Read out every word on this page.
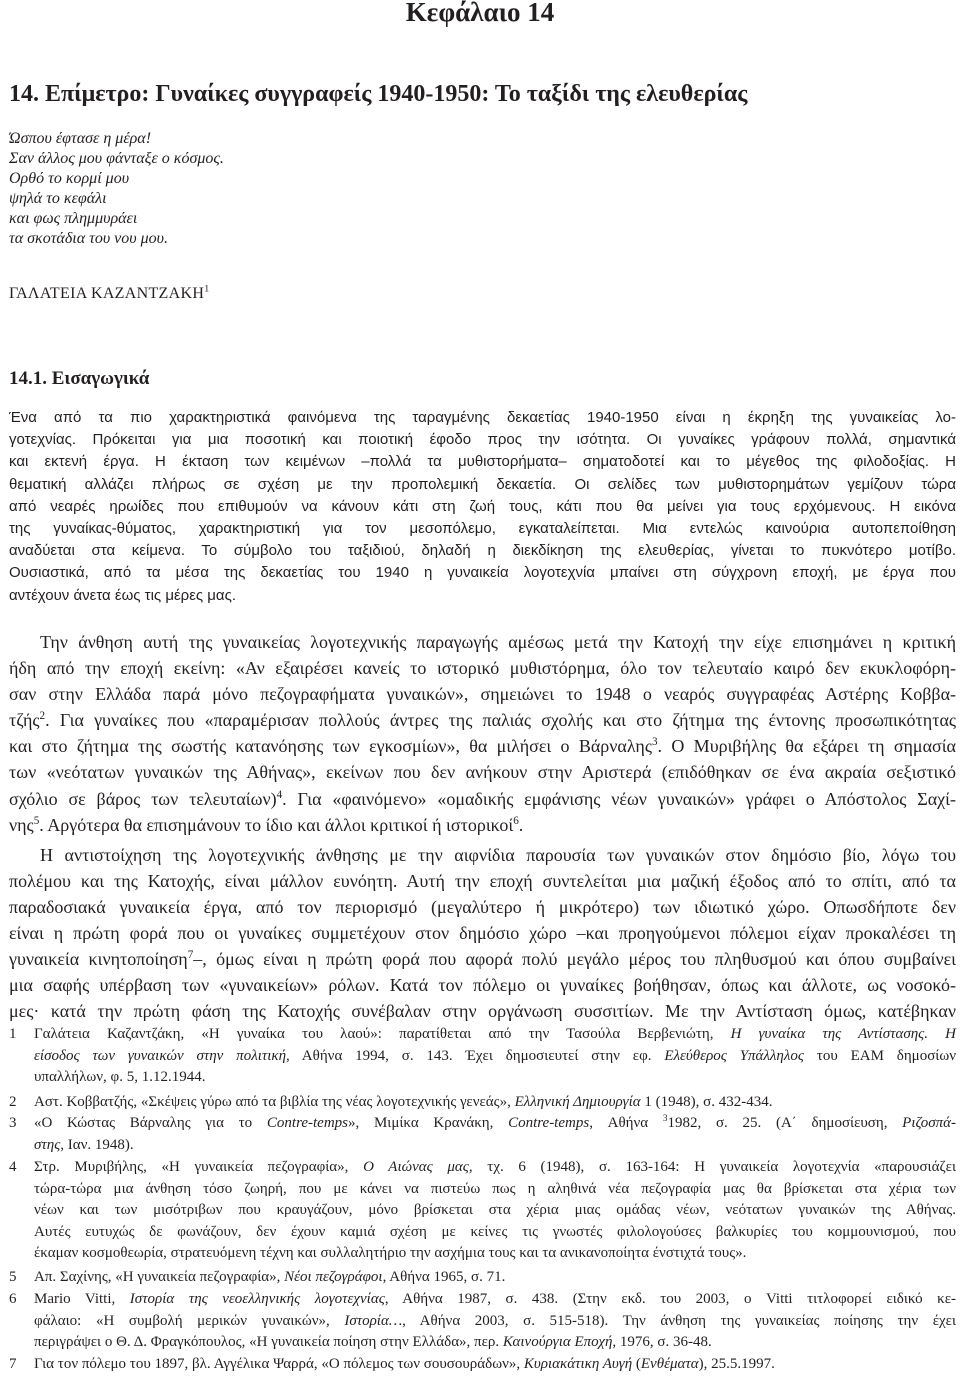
Κεφάλαιο 14
14. Επίμετρο: Γυναίκες συγγραφείς 1940-1950: Το ταξίδι της ελευθερίας
Ώσπου έφτασε η μέρα!
Σαν άλλος μου φάνταξε ο κόσμος.
Ορθό το κορμί μου
ψηλά το κεφάλι
και φως πλημμυράει
τα σκοτάδια του νου μου.
ΓΑΛΑΤΕΙΑ ΚΑΖΑΝΤΖΑΚΗ$^1$
14.1. Εισαγωγικά
Ένα από τα πιο χαρακτηριστικά φαινόμενα της ταραγμένης δεκαετίας 1940-1950 είναι η έκρηξη της γυναικείας λο-
γοτεχνίας. Πρόκειται για μια ποσοτική και ποιοτική έφοδο προς την ισότητα. Οι γυναίκες γράφουν πολλά, σημαντικά
και εκτενή έργα. Η έκταση των κειμένων –πολλά τα μυθιστορήματα– σηματοδοτεί και το μέγεθος της φιλοδοξίας. Η
θεματική αλλάζει πλήρως σε σχέση με την προπολεμική δεκαετία. Οι σελίδες των μυθιστορημάτων γεμίζουν τώρα
από νεαρές ηρωίδες που επιθυμούν να κάνουν κάτι στη ζωή τους, κάτι που θα μείνει για τους ερχόμενους. Η εικόνα
της γυναίκας-θύματος, χαρακτηριστική για τον μεσοπόλεμο, εγκαταλείπεται. Μια εντελώς καινούρια αυτοπεποίθηση
αναδύεται στα κείμενα. Το σύμβολο του ταξιδιού, δηλαδή η διεκδίκηση της ελευθερίας, γίνεται το πυκνότερο μοτίβο.
Ουσιαστικά, από τα μέσα της δεκαετίας του 1940 η γυναικεία λογοτεχνία μπαίνει στη σύγχρονη εποχή, με έργα που
αντέχουν άνετα έως τις μέρες μας.
Την άνθηση αυτή της γυναικείας λογοτεχνικής παραγωγής αμέσως μετά την Κατοχή την είχε επισημάνει η κριτική
ήδη από την εποχή εκείνη: «Αν εξαιρέσει κανείς το ιστορικό μυθιστόρημα, όλο τον τελευταίο καιρό δεν εκυκλοφόρη-
σαν στην Ελλάδα παρά μόνο πεζογραφήματα γυναικών», σημειώνει το 1948 ο νεαρός συγγραφέας Αστέρης Κοββα-
τζής$^2$. Για γυναίκες που «παραμέρισαν πολλούς άντρες της παλιάς σχολής και στο ζήτημα της έντονης προσωπικότητας
και στο ζήτημα της σωστής κατανόησης των εγκοσμίων», θα μιλήσει ο Βάρναλης$^3$. Ο Μυριβήλης θα εξάρει τη σημασία
των «νεότατων γυναικών της Αθήνας», εκείνων που δεν ανήκουν στην Αριστερά (επιδόθηκαν σε ένα ακραία σεξιστικό
σχόλιο σε βάρος των τελευταίων)$^4$. Για «φαινόμενο» «ομαδικής εμφάνισης νέων γυναικών» γράφει ο Απόστολος Σαχί-
νης$^5$. Αργότερα θα επισημάνουν το ίδιο και άλλοι κριτικοί ή ιστορικοί$^6$.
Η αντιστοίχηση της λογοτεχνικής άνθησης με την αιφνίδια παρουσία των γυναικών στον δημόσιο βίο, λόγω του
πολέμου και της Κατοχής, είναι μάλλον ευνόητη. Αυτή την εποχή συντελείται μια μαζική έξοδος από το σπίτι, από τα
παραδοσιακά γυναικεία έργα, από τον περιορισμό (μεγαλύτερο ή μικρότερο) των ιδιωτικό χώρο. Οπωσδήποτε δεν
είναι η πρώτη φορά που οι γυναίκες συμμετέχουν στον δημόσιο χώρο –και προηγούμενοι πόλεμοι είχαν προκαλέσει τη
γυναικεία κινητοποίηση$^7$–, όμως είναι η πρώτη φορά που αφορά πολύ μεγάλο μέρος του πληθυσμού και όπου συμβαίνει
μια σαφής υπέρβαση των «γυναικείων» ρόλων. Κατά τον πόλεμο οι γυναίκες βοήθησαν, όπως και άλλοτε, ως νοσοκό-
μες· κατά την πρώτη φάση της Κατοχής συνέβαλαν στην οργάνωση συσσιτίων. Με την Αντίσταση όμως, κατέβηκαν
1 Γαλάτεια Καζαντζάκη, «Η γυναίκα του λαού»: παρατίθεται από την Τασούλα Βερβενιώτη, Η γυναίκα της Αντίστασης. Η
είσοδος των γυναικών στην πολιτική, Αθήνα 1994, σ. 143. Έχει δημοσιευτεί στην εφ. Ελεύθερος Υπάλληλος του ΕΑΜ δημοσίων
υπαλλήλων, φ. 5, 1.12.1944.
2 Αστ. Κοββατζής, «Σκέψεις γύρω από τα βιβλία της νέας λογοτεχνικής γενεάς», Ελληνική Δημιουργία 1 (1948), σ. 432-434.
3 «Ο Κώστας Βάρναλης για το Contre-temps», Μιμίκα Κρανάκη, Contre-temps, Αθήνα $^3$1982, σ. 25. (Α΄ δημοσίευση, Ριζοσπά-
στης, Ιαν. 1948).
4 Στρ. Μυριβήλης, «Η γυναικεία πεζογραφία», Ο Αιώνας μας, τχ. 6 (1948), σ. 163-164: Η γυναικεία λογοτεχνία «παρουσιάζει
τώρα-τώρα μια άνθηση τόσο ζωηρή, που με κάνει να πιστεύω πως η αληθινά νέα πεζογραφία μας θα βρίσκεται στα χέρια των
νέων και των μισότριβων που κραυγάζουν, μόνο βρίσκεται στα χέρια μιας ομάδας νέων, νεότατων γυναικών της Αθήνας.
Αυτές ευτυχώς δε φωνάζουν, δεν έχουν καμιά σχέση με κείνες τις γνωστές φιλολογούσες βαλκυρίες του κομμουνισμού, που
έκαμαν κοσμοθεωρία, στρατευόμενη τέχνη και συλλαλητήριο την ασχήμια τους και τα ανικανοποίητα ένστιχτά τους».
5 Απ. Σαχίνης, «Η γυναικεία πεζογραφία», Νέοι πεζογράφοι, Αθήνα 1965, σ. 71.
6 Mario Vitti, Ιστορία της νεοελληνικής λογοτεχνίας, Αθήνα 1987, σ. 438. (Στην εκδ. του 2003, ο Vitti τιτλοφορεί ειδικό κε-
φάλαιο: «Η συμβολή μερικών γυναικών», Ιστορία…, Αθήνα 2003, σ. 515-518). Την άνθηση της γυναικείας ποίησης την έχει
περιγράψει ο Θ. Δ. Φραγκόπουλος, «Η γυναικεία ποίηση στην Ελλάδα», περ. Καινούργια Εποχή, 1976, σ. 36-48.
7 Για τον πόλεμο του 1897, βλ. Αγγέλικα Ψαρρά, «Ο πόλεμος των σουσουράδων», Κυριακάτικη Αυγή (Ενθέματα), 25.5.1997.
